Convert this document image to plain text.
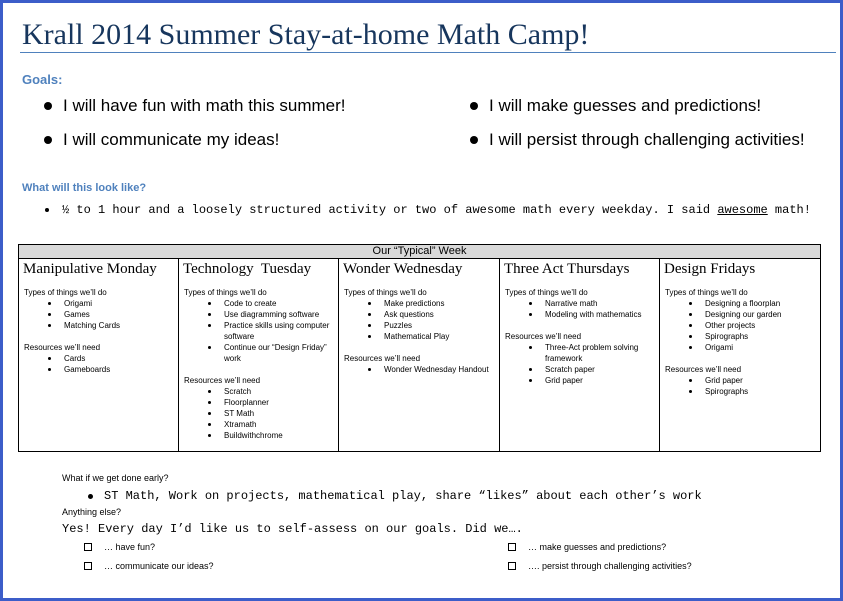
Krall 2014 Summer Stay-at-home Math Camp!
Goals:
I will have fun with math this summer!
I will communicate my ideas!
I will make guesses and predictions!
I will persist through challenging activities!
What will this look like?
½ to 1 hour and a loosely structured activity or two of awesome math every weekday. I said awesome math!
Our “Typical” Week
Manipulative Monday
Types of things we’ll do
Origami
Games
Matching Cards
Resources we’ll need
Cards
Gameboards
Technology  Tuesday
Types of things we’ll do
Code to create
Use diagramming software
Practice skills using computer software
Continue our “Design Friday” work
Resources we’ll need
Scratch
Floorplanner
ST Math
Xtramath
Buildwithchrome
Wonder Wednesday
Types of things we’ll do
Make predictions
Ask questions
Puzzles
Mathematical Play
Resources we’ll need
Wonder Wednesday Handout
Three Act Thursdays
Types of things we’ll do
Narrative math
Modeling with mathematics
Resources we’ll need
Three-Act problem solving framework
Scratch paper
Grid paper
Design Fridays
Types of things we’ll do
Designing a floorplan
Designing our garden
Other projects
Spirographs
Origami
Resources we’ll need
Grid paper
Spirographs
What if we get done early?
ST Math, Work on projects, mathematical play, share “likes” about each other’s work
Anything else?
Yes! Every day I’d like us to self-assess on our goals. Did we….
… have fun?
… communicate our ideas?
… make guesses and predictions?
…. persist through challenging activities?
